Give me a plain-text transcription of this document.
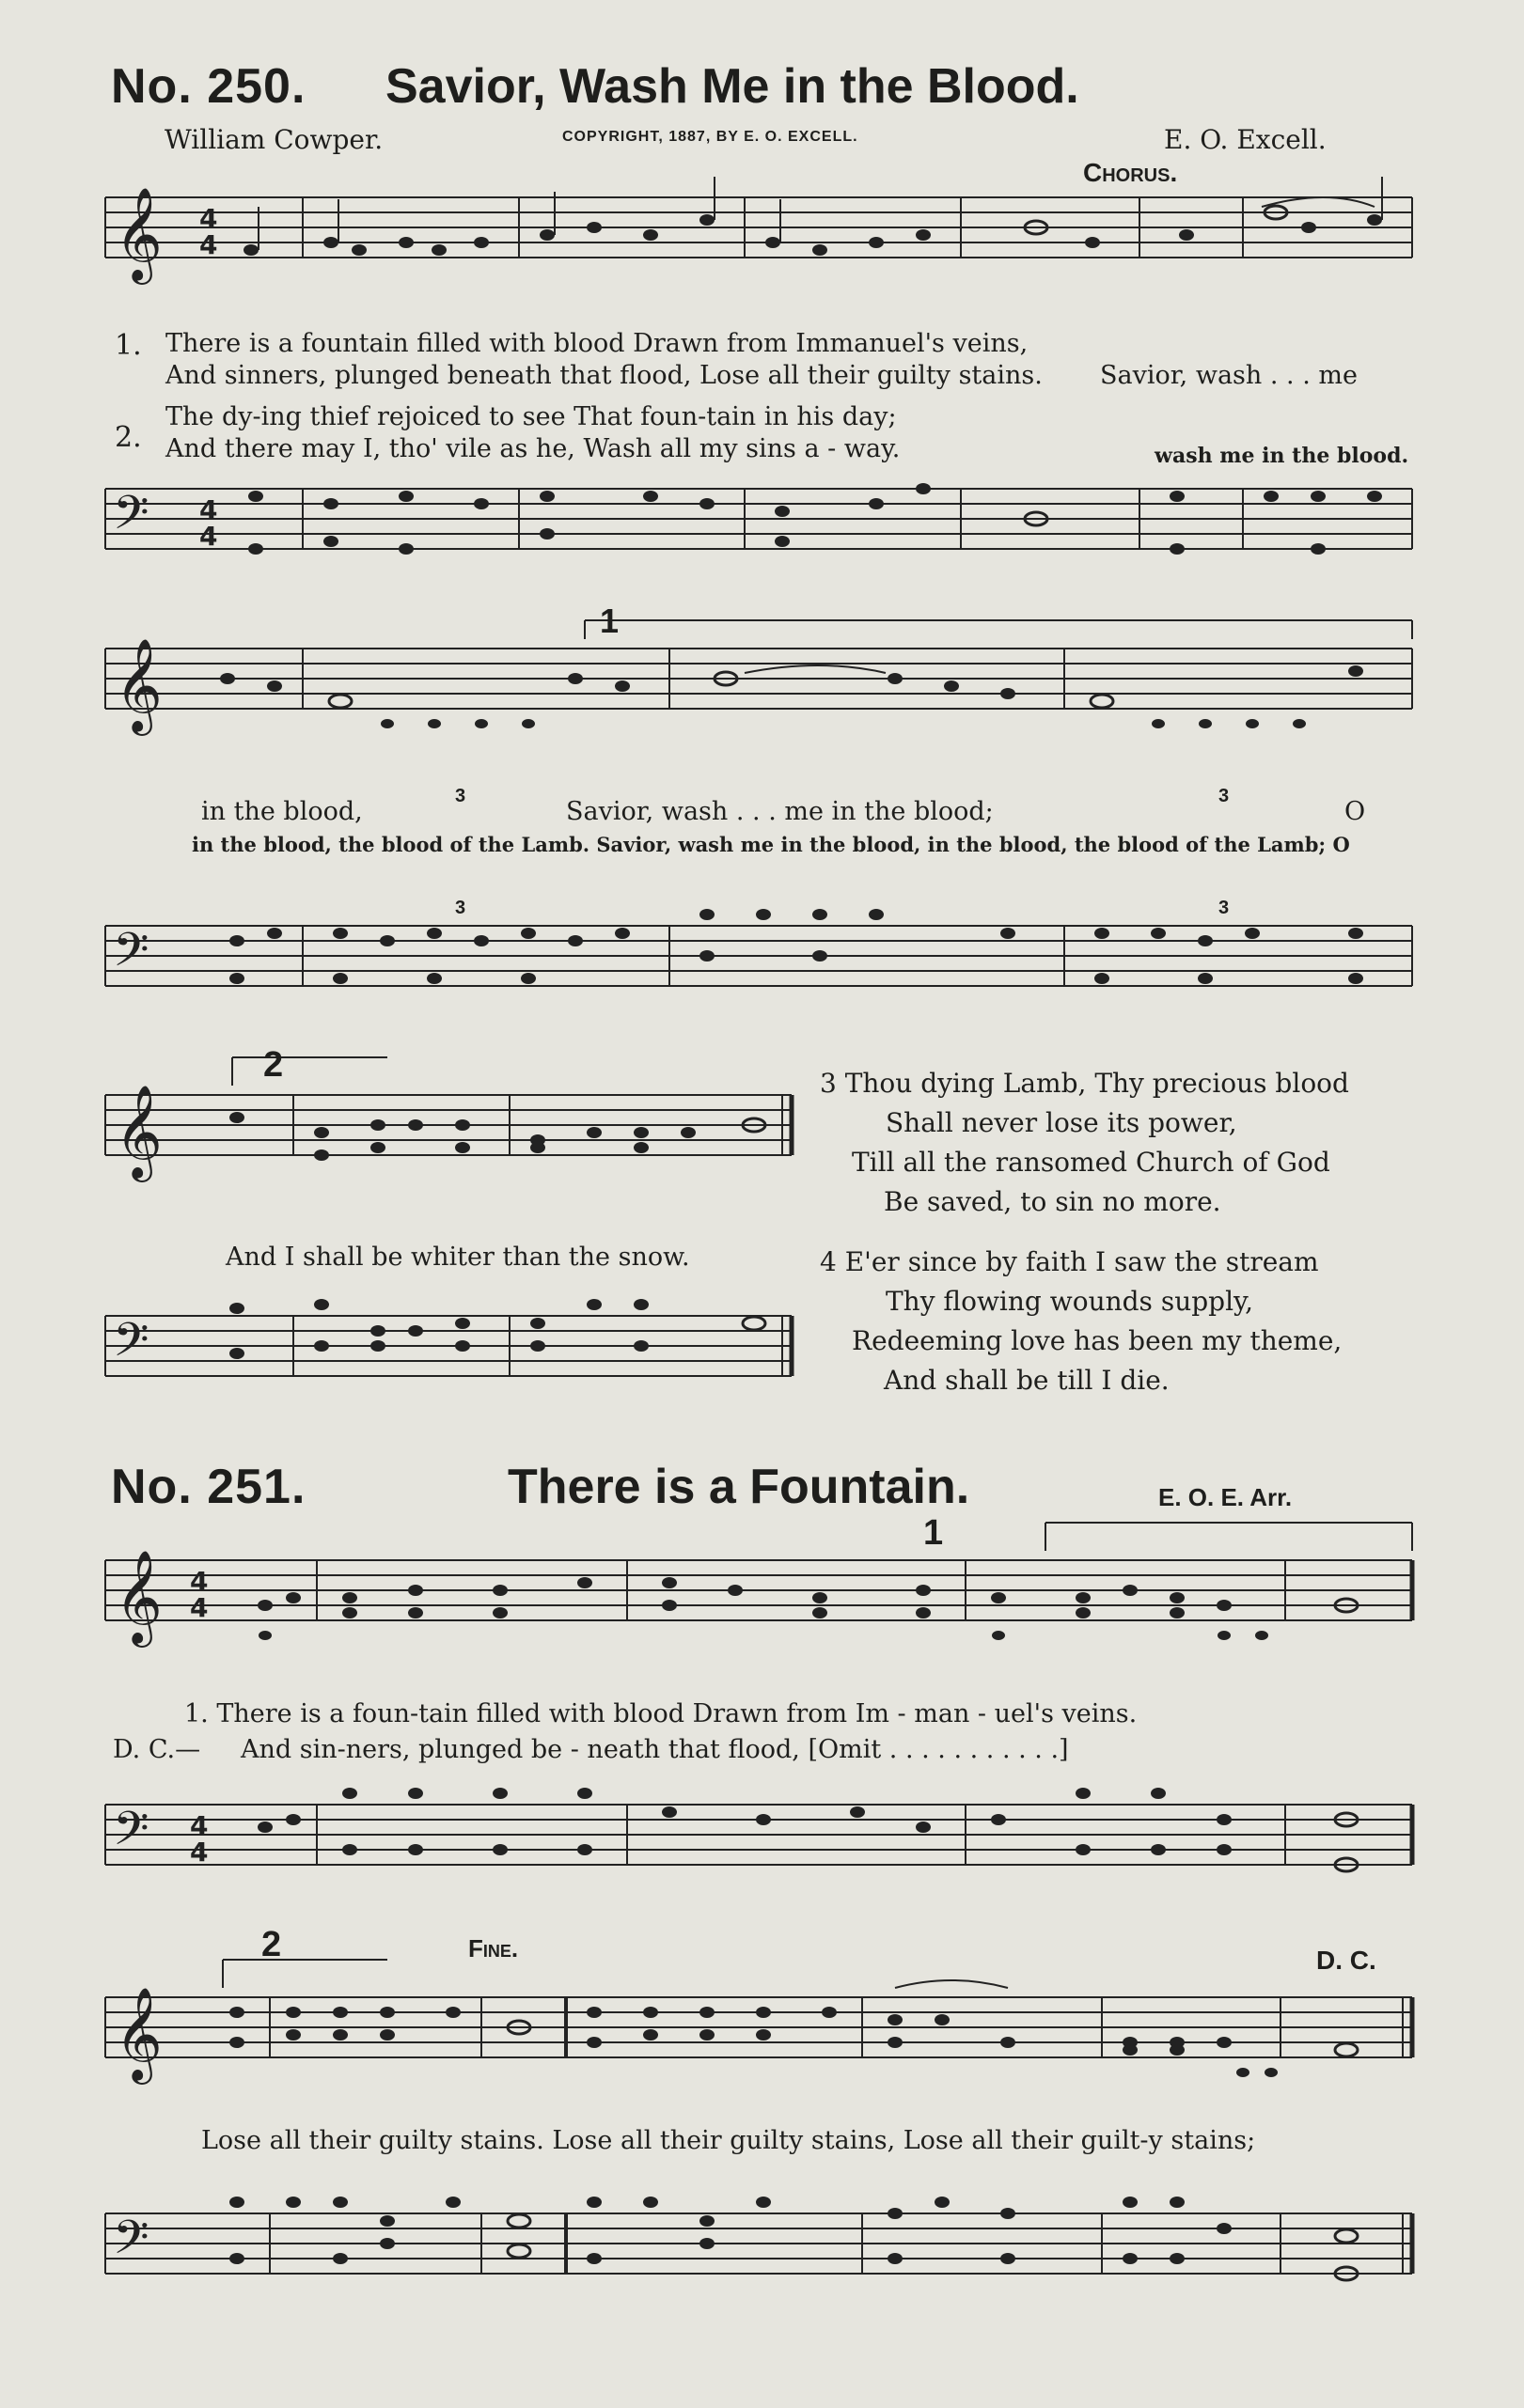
No. 250. Savior, Wash Me in the Blood.
William Cowper.	COPYRIGHT, 1887, BY E. O. EXCELL.	E. O. Excell.
Chorus.
𝄞 4
4
1. There is a fountain filled with blood Drawn from Immanuel's veins,
And sinners, plunged beneath that flood, Lose all their guilty stains. Savior, wash . . . me
2.
The dy-ing thief rejoiced to see That foun-tain in his day;
And there may I, tho' vile as he, Wash all my sins a - way.	wash me in the blood.
𝄢 4
4
𝄞
1
in the blood,	Savior, wash . . . me in the blood;	O
3	3
in the blood, the blood of the Lamb. Savior, wash me in the blood, in the blood, the blood of the Lamb; O
𝄢
3	3
𝄞
2
And I shall be whiter than the snow.
𝄢
3 Thou dying Lamb, Thy precious blood
Shall never lose its power,
Till all the ransomed Church of God
Be saved, to sin no more.
4 E'er since by faith I saw the stream
Thy flowing wounds supply,
Redeeming love has been my theme,
And shall be till I die.
No. 251.	There is a Fountain.	E. O. E. Arr.
𝄞 4
4
1
1. There is a foun-tain filled with blood Drawn from Im - man - uel's veins.
D. C.— And sin-ners, plunged be - neath that flood, [Omit . . . . . . . . . . .]
𝄢 4
4
𝄞
2	Fine.	D. C.
Lose all their guilty stains. Lose all their guilty stains, Lose all their guilt-y stains;
𝄢
